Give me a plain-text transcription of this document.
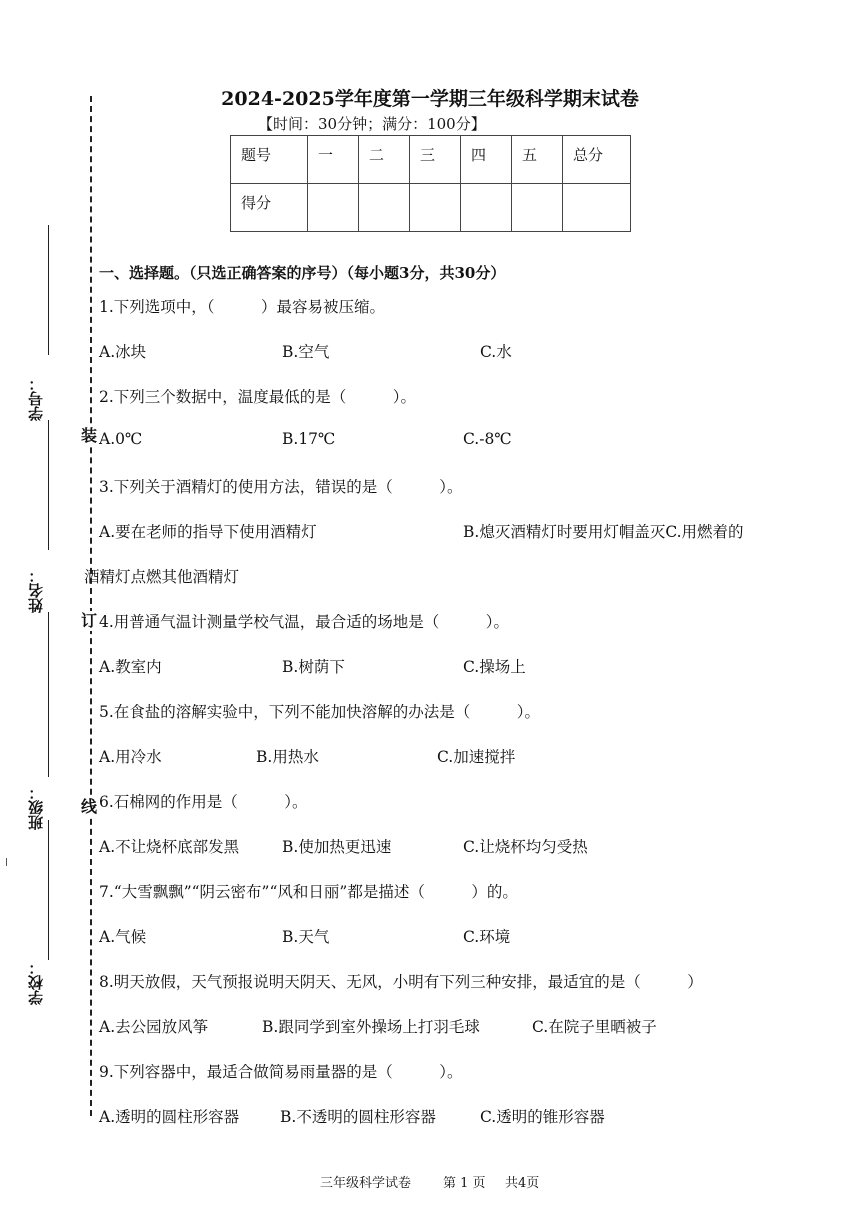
装
订
线
学号：
姓名：
班级：
学校：
2024-2025学年度第一学期三年级科学期末试卷
【时间：30分钟；满分：100分】
题号	一	二	三	四	五	总分
得分						
一、选择题。（只选正确答案的序号）（每小题3分，共30分）
1.下列选项中，（　　　）最容易被压缩。
A.冰块	B.空气	C.水
2.下列三个数据中，温度最低的是（　　　）。
A.0℃	B.17℃	C.-8℃
3.下列关于酒精灯的使用方法，错误的是（　　　）。
A.要在老师的指导下使用酒精灯	B.熄灭酒精灯时要用灯帽盖灭C.用燃着的
酒精灯点燃其他酒精灯
4.用普通气温计测量学校气温，最合适的场地是（　　　）。
A.教室内	B.树荫下	C.操场上
5.在食盐的溶解实验中，下列不能加快溶解的办法是（　　　）。
A.用冷水	B.用热水	C.加速搅拌
6.石棉网的作用是（　　　）。
A.不让烧杯底部发黑	B.使加热更迅速	C.让烧杯均匀受热
7.“大雪飘飘”“阴云密布”“风和日丽”都是描述（　　　）的。
A.气候	B.天气	C.环境
8.明天放假，天气预报说明天阴天、无风，小明有下列三种安排，最适宜的是（　　　）
A.去公园放风筝	B.跟同学到室外操场上打羽毛球	C.在院子里晒被子
9.下列容器中，最适合做简易雨量器的是（　　　）。
A.透明的圆柱形容器	B.不透明的圆柱形容器	C.透明的锥形容器
三年级科学试卷 第 1 页 共4页
